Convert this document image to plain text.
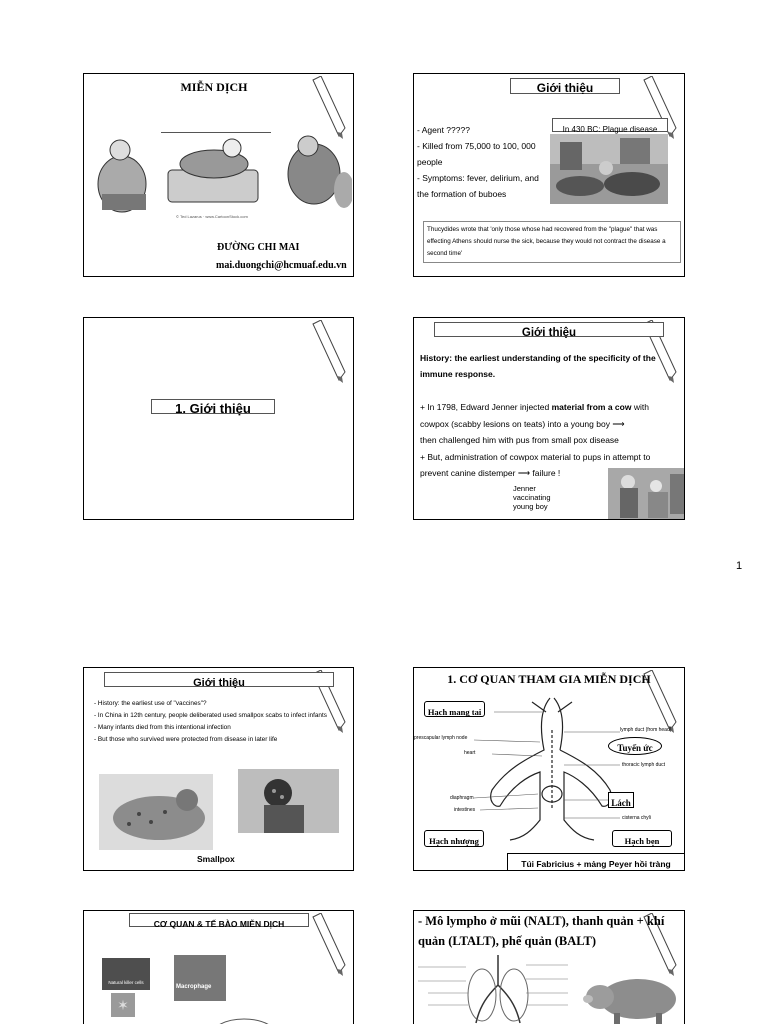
MIỄN DỊCH
© Ted Lazarus · www.CartoonStock.com
ĐƯỜNG CHI MAI
mai.duongchi@hcmuaf.edu.vn
Giới thiệu
In 430 BC: Plague disease
- Agent ?????
- Killed from 75,000 to 100, 000
people
- Symptoms: fever, delirium, and
the formation of buboes
Thucydides wrote that 'only those whose had recovered from the "plague" that was effecting Athens should nurse the sick, because they would not contract the disease a second time'
1. Giới thiệu
Giới thiệu
History: the earliest understanding of the specificity of the immune response.
+ In 1798, Edward Jenner injected material from a cow with
cowpox (scabby lesions on teats) into a young boy ⟶
then challenged him with pus from small pox disease
+ But, administration of cowpox material to pups in attempt to
prevent canine distemper ⟶ failure !
Jenner
vaccinating
young boy
1
Giới thiệu
- History: the earliest use of "vaccines"?
- In China in 12th century, people deliberated used smallpox scabs to infect infants
- Many infants died from this intentional infection
- But those who survived were protected from disease in later life
Smallpox
1. CƠ QUAN THAM GIA MIỄN DỊCH
Hạch mang tai
Tuyến ức
Lách
Hạch nhượng	Hạch bẹn
lymph duct (from head)
prescapular lymph node
heart
thoracic lymph duct
diaphragm
intestines
cisterna chyli
Túi Fabricius + mảng Peyer hồi tràng
CƠ QUAN & TẾ BÀO MIỄN DỊCH
Natural killer cells
Macrophage
✶
- Mô lympho ở mũi (NALT), thanh quản + khí quản (LTALT), phế quản (BALT)
